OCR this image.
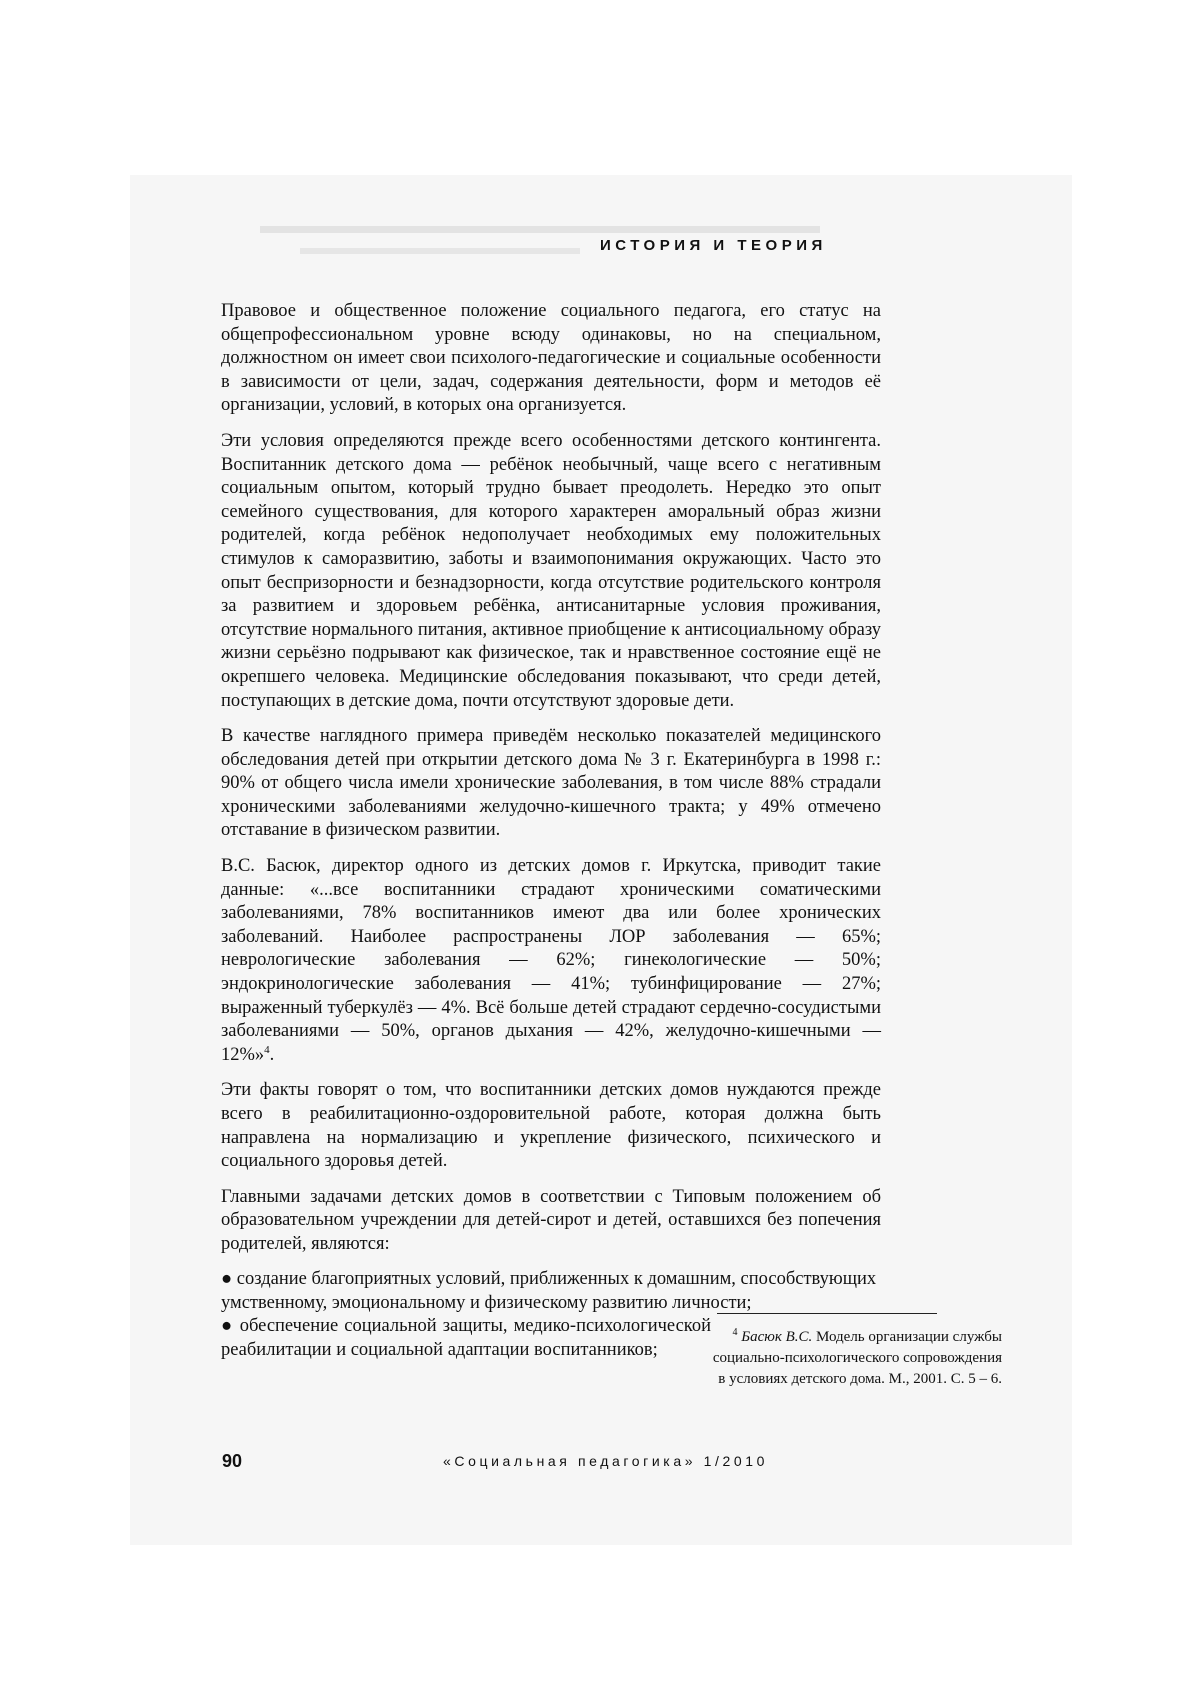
ИСТОРИЯ И ТЕОРИЯ

Правовое и общественное положение социального педагога, его статус на общепрофессиональном уровне всюду одинаковы, но на специальном, должностном он имеет свои психолого-педагогические и социальные особенности в зависимости от цели, задач, содержания деятельности, форм и методов её организации, условий, в которых она организуется.

Эти условия определяются прежде всего особенностями детского контингента. Воспитанник детского дома — ребёнок необычный, чаще всего с негативным социальным опытом, который трудно бывает преодолеть. Нередко это опыт семейного существования, для которого характерен аморальный образ жизни родителей, когда ребёнок недополучает необходимых ему положительных стимулов к саморазвитию, заботы и взаимопонимания окружающих. Часто это опыт беспризорности и безнадзорности, когда отсутствие родительского контроля за развитием и здоровьем ребёнка, антисанитарные условия проживания, отсутствие нормального питания, активное приобщение к антисоциальному образу жизни серьёзно подрывают как физическое, так и нравственное состояние ещё не окрепшего человека. Медицинские обследования показывают, что среди детей, поступающих в детские дома, почти отсутствуют здоровые дети.

В качестве наглядного примера приведём несколько показателей медицинского обследования детей при открытии детского дома № 3 г. Екатеринбурга в 1998 г.: 90% от общего числа имели хронические заболевания, в том числе 88% страдали хроническими заболеваниями желудочно-кишечного тракта; у 49% отмечено отставание в физическом развитии.

В.С. Басюк, директор одного из детских домов г. Иркутска, приводит такие данные: «...все воспитанники страдают хроническими соматическими заболеваниями, 78% воспитанников имеют два или более хронических заболеваний. Наиболее распространены ЛОР заболевания — 65%; неврологические заболевания — 62%; гинекологические — 50%; эндокринологические заболевания — 41%; тубинфицирование — 27%; выраженный туберкулёз — 4%. Всё больше детей страдают сердечно-сосудистыми заболеваниями — 50%, органов дыхания — 42%, желудочно-кишечными — 12%»$^4$.

Эти факты говорят о том, что воспитанники детских домов нуждаются прежде всего в реабилитационно-оздоровительной работе, которая должна быть направлена на нормализацию и укрепление физического, психического и социального здоровья детей.

Главными задачами детских домов в соответствии с Типовым положением об образовательном учреждении для детей-сирот и детей, оставшихся без попечения родителей, являются:

● создание благоприятных условий, приближенных к домашним, способствующих умственному, эмоциональному и физическому развитию личности;
● обеспечение социальной защиты, медико-психологической реабилитации и социальной адаптации воспитанников;
$^4$ Басюк В.С. Модель организации службы социально-психологического сопровождения в условиях детского дома. М., 2001. С. 5 – 6.
90	«Социальная педагогика» 1/2010
